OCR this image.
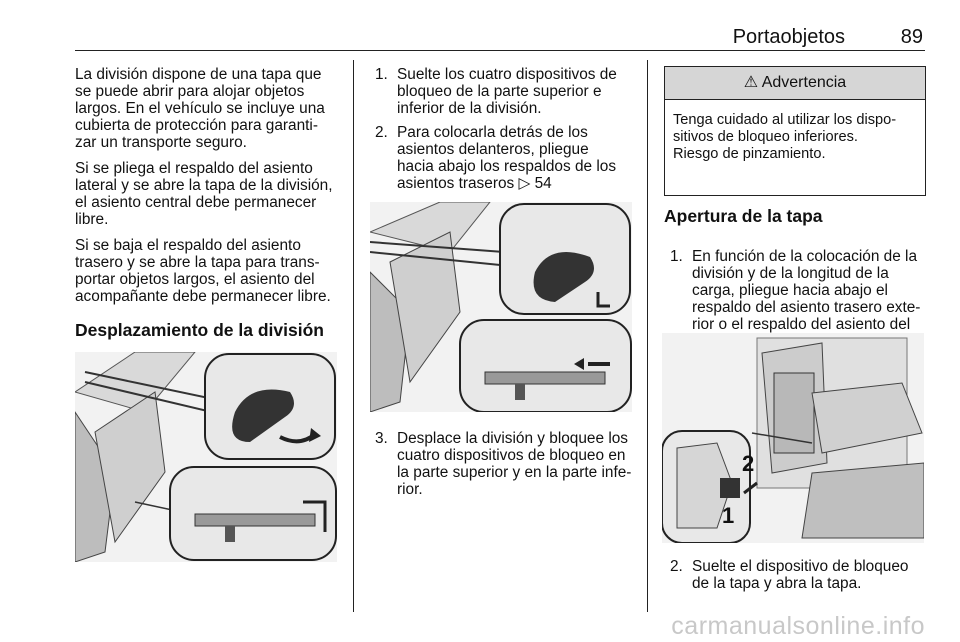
Portaobjetos	89
La división dispone de una tapa que
se puede abrir para alojar objetos
largos. En el vehículo se incluye una
cubierta de protección para garanti-
zar un transporte seguro.
Si se pliega el respaldo del asiento
lateral y se abre la tapa de la división,
el asiento central debe permanecer
libre.
Si se baja el respaldo del asiento
trasero y se abre la tapa para trans-
portar objetos largos, el asiento del
acompañante debe permanecer libre.
Desplazamiento de la división
1. Suelte los cuatro dispositivos de
bloqueo de la parte superior e
inferior de la división.
2. Para colocarla detrás de los
asientos delanteros, pliegue
hacia abajo los respaldos de los
asientos traseros ▷ 54
3. Desplace la división y bloquee los
cuatro dispositivos de bloqueo en
la parte superior y en la parte infe-
rior.
⚠ Advertencia
Tenga cuidado al utilizar los dispo-
sitivos de bloqueo inferiores.
Riesgo de pinzamiento.
Apertura de la tapa
1. En función de la colocación de la
división y de la longitud de la
carga, pliegue hacia abajo el
respaldo del asiento trasero exte-
rior o el respaldo del asiento del
2
1
2. Suelte el dispositivo de bloqueo
de la tapa y abra la tapa.
carmanualsonline.info
